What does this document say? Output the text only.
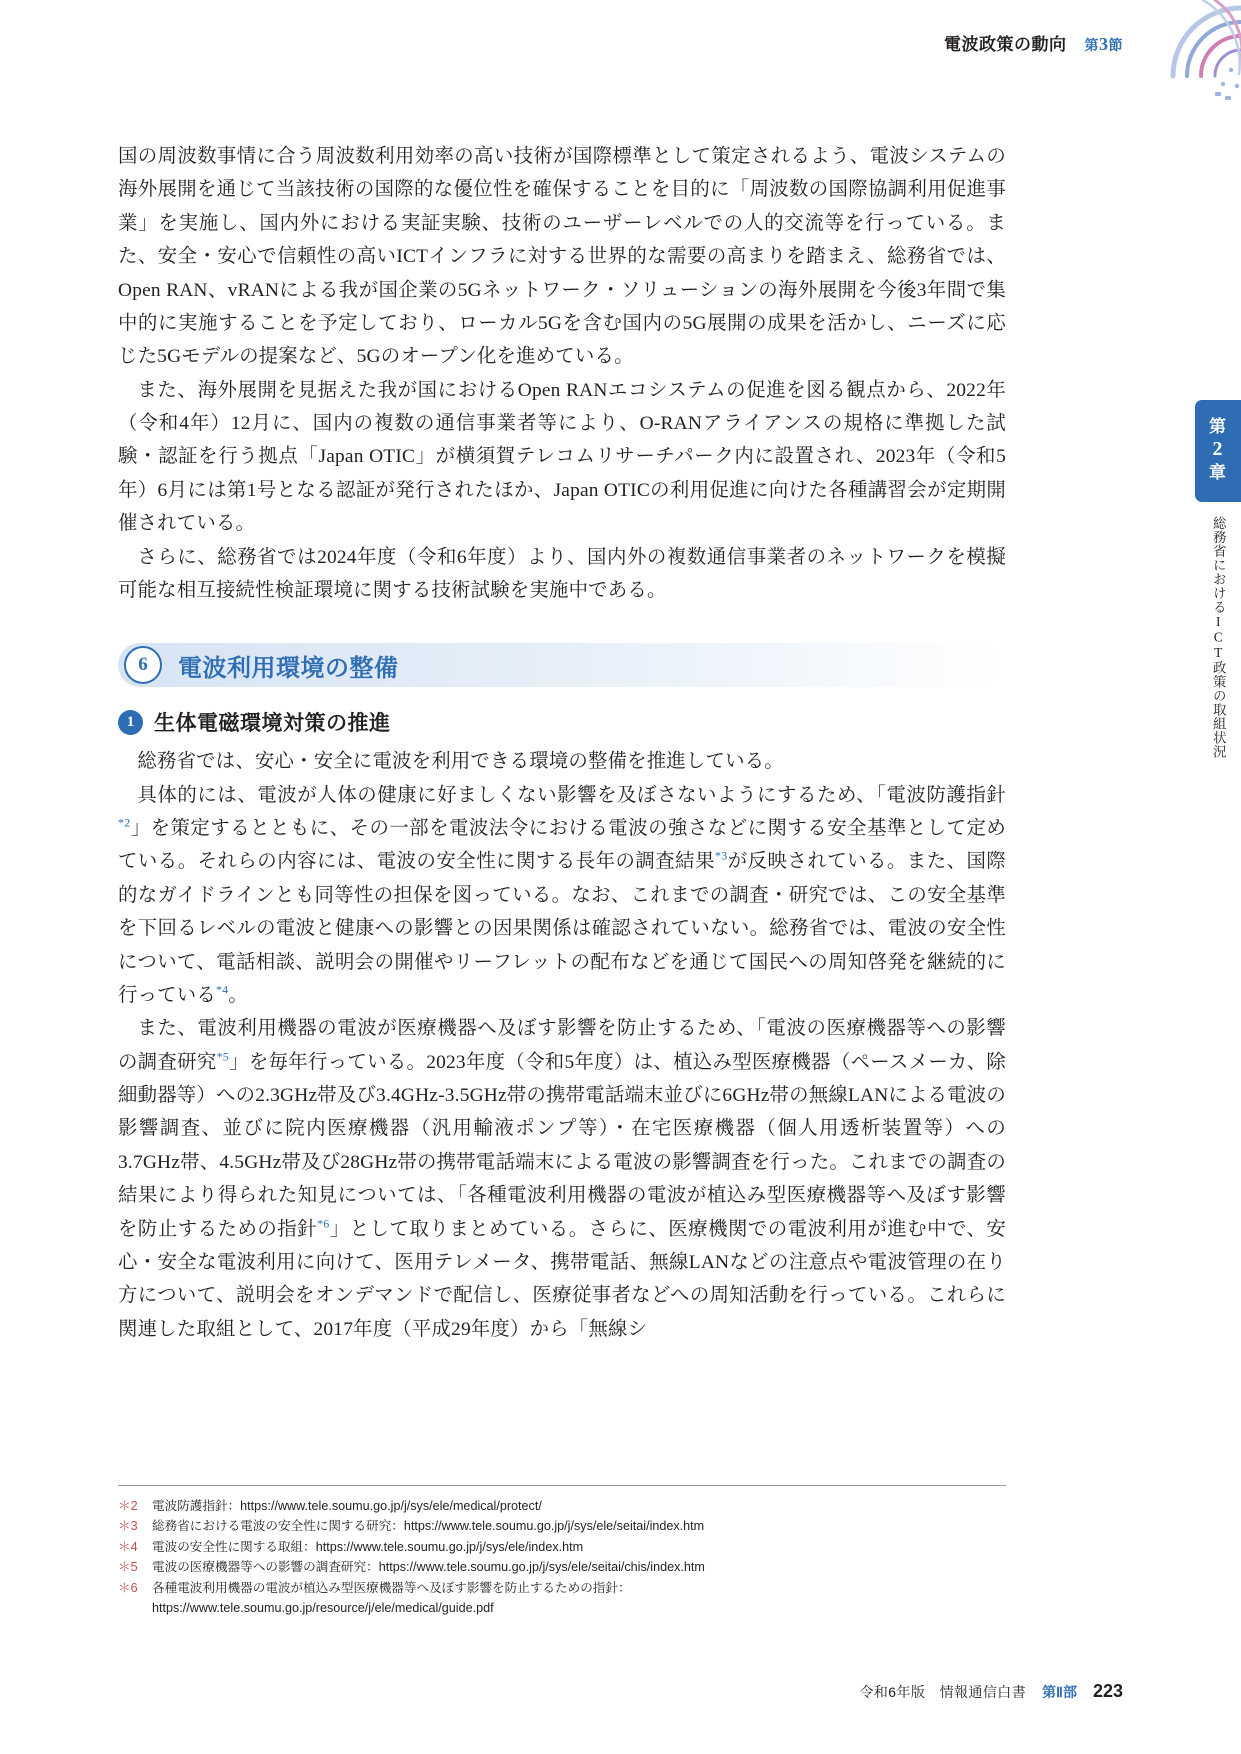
電波政策の動向 第3節
第
2
章
総務省におけるICT政策の取組状況

国の周波数事情に合う周波数利用効率の高い技術が国際標準として策定されるよう、電波システムの海外展開を通じて当該技術の国際的な優位性を確保することを目的に「周波数の国際協調利用促進事業」を実施し、国内外における実証実験、技術のユーザーレベルでの人的交流等を行っている。また、安全・安心で信頼性の高いICTインフラに対する世界的な需要の高まりを踏まえ、総務省では、Open RAN、vRANによる我が国企業の5Gネットワーク・ソリューションの海外展開を今後3年間で集中的に実施することを予定しており、ローカル5Gを含む国内の5G展開の成果を活かし、ニーズに応じた5Gモデルの提案など、5Gのオープン化を進めている。

また、海外展開を見据えた我が国におけるOpen RANエコシステムの促進を図る観点から、2022年（令和4年）12月に、国内の複数の通信事業者等により、O-RANアライアンスの規格に準拠した試験・認証を行う拠点「Japan OTIC」が横須賀テレコムリサーチパーク内に設置され、2023年（令和5年）6月には第1号となる認証が発行されたほか、Japan OTICの利用促進に向けた各種講習会が定期開催されている。

さらに、総務省では2024年度（令和6年度）より、国内外の複数通信事業者のネットワークを模擬可能な相互接続性検証環境に関する技術試験を実施中である。

6	電波利用環境の整備
1 生体電磁環境対策の推進

総務省では、安心・安全に電波を利用できる環境の整備を推進している。

具体的には、電波が人体の健康に好ましくない影響を及ぼさないようにするため、「電波防護指針$^{*2}$」を策定するとともに、その一部を電波法令における電波の強さなどに関する安全基準として定めている。それらの内容には、電波の安全性に関する長年の調査結果$^{*3}$が反映されている。また、国際的なガイドラインとも同等性の担保を図っている。なお、これまでの調査・研究では、この安全基準を下回るレベルの電波と健康への影響との因果関係は確認されていない。総務省では、電波の安全性について、電話相談、説明会の開催やリーフレットの配布などを通じて国民への周知啓発を継続的に行っている$^{*4}$。

また、電波利用機器の電波が医療機器へ及ぼす影響を防止するため、「電波の医療機器等への影響の調査研究$^{*5}$」を毎年行っている。2023年度（令和5年度）は、植込み型医療機器（ペースメーカ、除細動器等）への2.3GHz帯及び3.4GHz-3.5GHz帯の携帯電話端末並びに6GHz帯の無線LANによる電波の影響調査、並びに院内医療機器（汎用輸液ポンプ等）・在宅医療機器（個人用透析装置等）への3.7GHz帯、4.5GHz帯及び28GHz帯の携帯電話端末による電波の影響調査を行った。これまでの調査の結果により得られた知見については、「各種電波利用機器の電波が植込み型医療機器等へ及ぼす影響を防止するための指針$^{*6}$」として取りまとめている。さらに、医療機関での電波利用が進む中で、安心・安全な電波利用に向けて、医用テレメータ、携帯電話、無線LANなどの注意点や電波管理の在り方について、説明会をオンデマンドで配信し、医療従事者などへの周知活動を行っている。これらに関連した取組として、2017年度（平成29年度）から「無線シ

＊2	電波防護指針：https://www.tele.soumu.go.jp/j/sys/ele/medical/protect/
＊3	総務省における電波の安全性に関する研究：https://www.tele.soumu.go.jp/j/sys/ele/seitai/index.htm
＊4	電波の安全性に関する取組：https://www.tele.soumu.go.jp/j/sys/ele/index.htm
＊5	電波の医療機器等への影響の調査研究：https://www.tele.soumu.go.jp/j/sys/ele/seitai/chis/index.htm
＊6	各種電波利用機器の電波が植込み型医療機器等へ及ぼす影響を防止するための指針：
https://www.tele.soumu.go.jp/resource/j/ele/medical/guide.pdf
令和6年版　情報通信白書 第Ⅱ部 223
